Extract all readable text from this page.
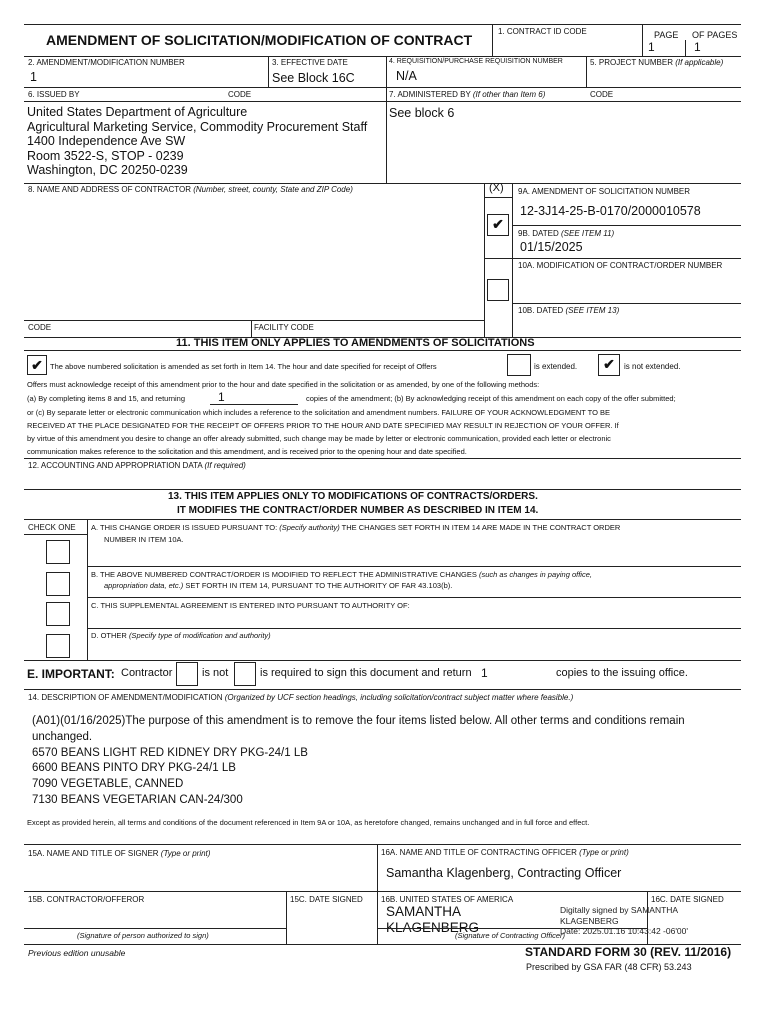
AMENDMENT OF SOLICITATION/MODIFICATION OF CONTRACT
1. CONTRACT ID CODE	PAGE OF PAGES
1	1
2. AMENDMENT/MODIFICATION NUMBER
1
3. EFFECTIVE DATE
See Block 16C
4. REQUISITION/PURCHASE REQUISITION NUMBER
N/A
5. PROJECT NUMBER (If applicable)
6. ISSUED BY	CODE
United States Department of Agriculture
Agricultural Marketing Service, Commodity Procurement Staff
1400 Independence Ave SW
Room 3522-S, STOP - 0239
Washington, DC 20250-0239
7. ADMINISTERED BY (If other than Item 6)	CODE
See block 6
8. NAME AND ADDRESS OF CONTRACTOR (Number, street, county, State and ZIP Code)	(X)
✔
9A. AMENDMENT OF SOLICITATION NUMBER
12-3J14-25-B-0170/2000010578
9B. DATED (SEE ITEM 11)
01/15/2025
10A. MODIFICATION OF CONTRACT/ORDER NUMBER
10B. DATED (SEE ITEM 13)
CODE	FACILITY CODE
11. THIS ITEM ONLY APPLIES TO AMENDMENTS OF SOLICITATIONS
✔ The above numbered solicitation is amended as set forth in Item 14. The hour and date specified for receipt of Offers	is extended.	✔	is not extended.
Offers must acknowledge receipt of this amendment prior to the hour and date specified in the solicitation or as amended, by one of the following methods:
(a) By completing items 8 and 15, and returning	1	copies of the amendment; (b) By acknowledging receipt of this amendment on each copy of the offer submitted;
or (c) By separate letter or electronic communication which includes a reference to the solicitation and amendment numbers. FAILURE OF YOUR ACKNOWLEDGMENT TO BE
RECEIVED AT THE PLACE DESIGNATED FOR THE RECEIPT OF OFFERS PRIOR TO THE HOUR AND DATE SPECIFIED MAY RESULT IN REJECTION OF YOUR OFFER. If
by virtue of this amendment you desire to change an offer already submitted, such change may be made by letter or electronic communication, provided each letter or electronic
communication makes reference to the solicitation and this amendment, and is received prior to the opening hour and date specified.
12. ACCOUNTING AND APPROPRIATION DATA (If required)
13. THIS ITEM APPLIES ONLY TO MODIFICATIONS OF CONTRACTS/ORDERS.
IT MODIFIES THE CONTRACT/ORDER NUMBER AS DESCRIBED IN ITEM 14.
CHECK ONE A. THIS CHANGE ORDER IS ISSUED PURSUANT TO: (Specify authority) THE CHANGES SET FORTH IN ITEM 14 ARE MADE IN THE CONTRACT ORDER
NUMBER IN ITEM 10A.
B. THE ABOVE NUMBERED CONTRACT/ORDER IS MODIFIED TO REFLECT THE ADMINISTRATIVE CHANGES (such as changes in paying office,
appropriation data, etc.) SET FORTH IN ITEM 14, PURSUANT TO THE AUTHORITY OF FAR 43.103(b).
C. THIS SUPPLEMENTAL AGREEMENT IS ENTERED INTO PURSUANT TO AUTHORITY OF:
D. OTHER (Specify type of modification and authority)
E. IMPORTANT: Contractor	is not	is required to sign this document and return 1	copies to the issuing office.
14. DESCRIPTION OF AMENDMENT/MODIFICATION (Organized by UCF section headings, including solicitation/contract subject matter where feasible.)
(A01)(01/16/2025)The purpose of this amendment is to remove the four items listed below. All other terms and conditions remain
unchanged.
6570 BEANS LIGHT RED KIDNEY DRY PKG-24/1 LB
6600 BEANS PINTO DRY PKG-24/1 LB
7090 VEGETABLE, CANNED
7130 BEANS VEGETARIAN CAN-24/300
Except as provided herein, all terms and conditions of the document referenced in Item 9A or 10A, as heretofore changed, remains unchanged and in full force and effect.
15A. NAME AND TITLE OF SIGNER (Type or print)	16A. NAME AND TITLE OF CONTRACTING OFFICER (Type or print)
Samantha Klagenberg, Contracting Officer
15B. CONTRACTOR/OFFEROR	15C. DATE SIGNED 16B. UNITED STATES OF AMERICA	16C. DATE SIGNED
SAMANTHA
KLAGENBERG
Digitally signed by SAMANTHA
KLAGENBERG
Date: 2025.01.16 10:43:42 -06'00'
(Signature of person authorized to sign)	(Signature of Contracting Officer)
Previous edition unusable	STANDARD FORM 30 (REV. 11/2016)
Prescribed by GSA FAR (48 CFR) 53.243
